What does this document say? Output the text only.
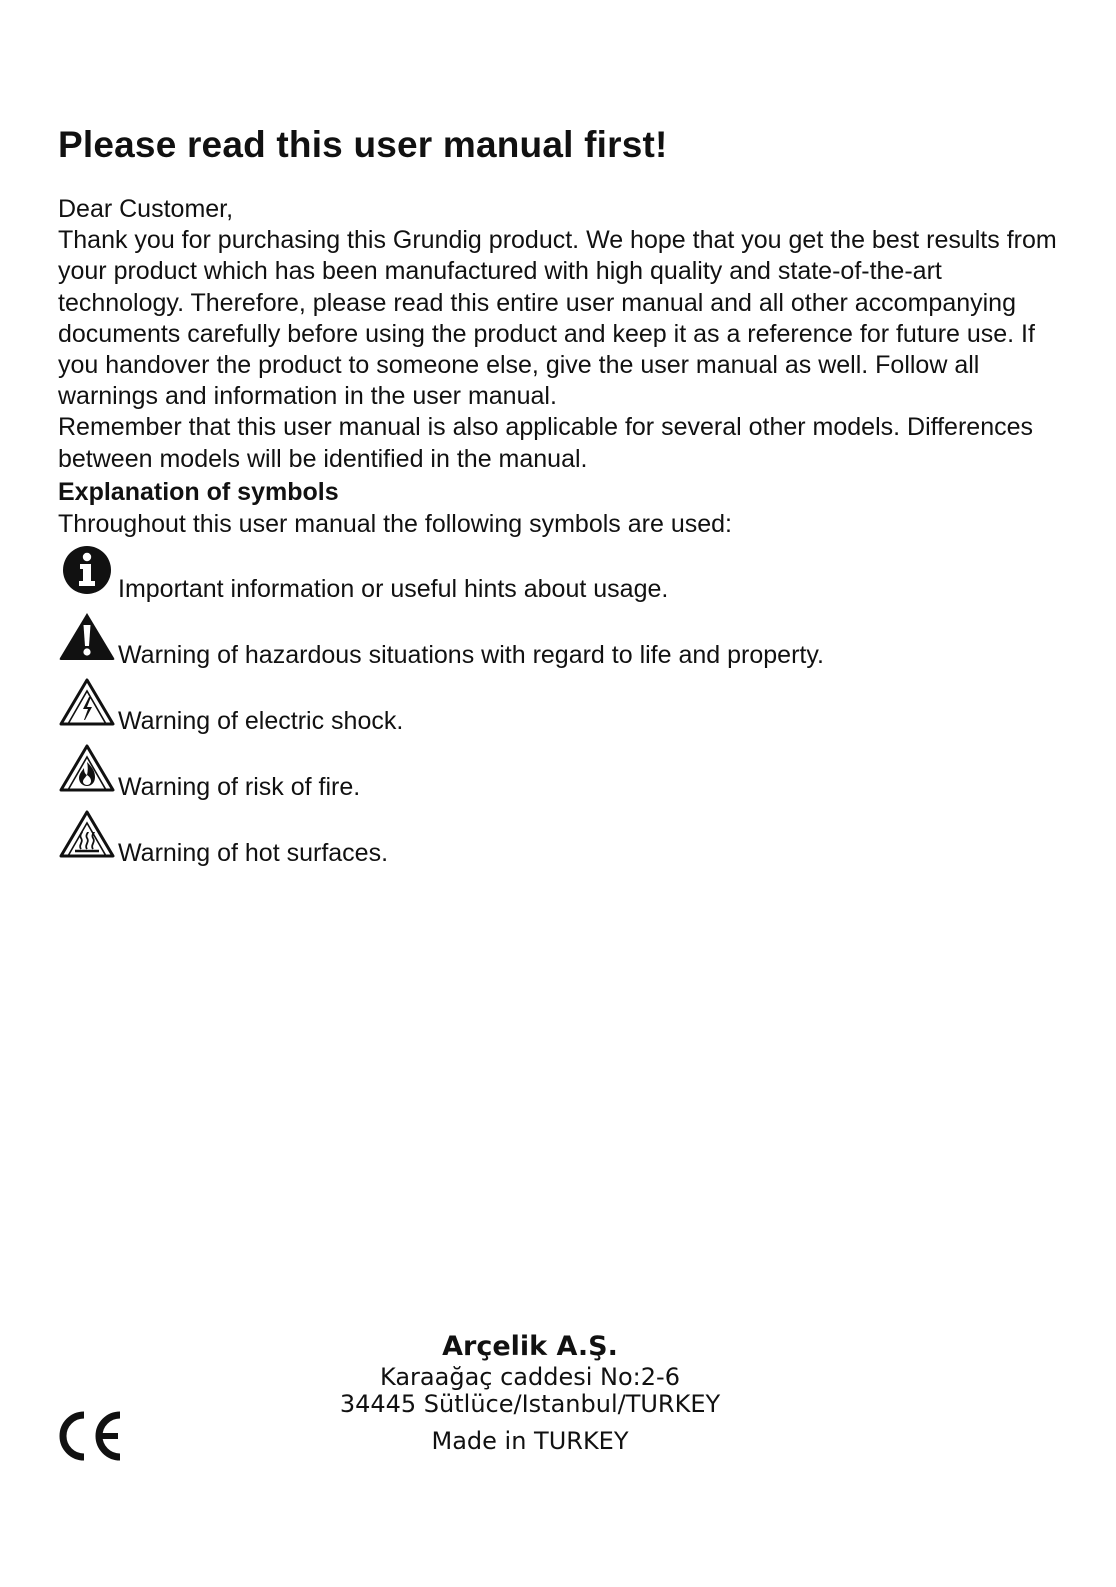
Please read this user manual first!

Dear Customer,

Thank you for purchasing this Grundig product. We hope that you get the best results from your product which has been manufactured with high quality and state-of-the-art technology. Therefore, please read this entire user manual and all other accompanying documents carefully before using the product and keep it as a reference for future use. If you handover the product to someone else, give the user manual as well. Follow all warnings and information in the user manual.

Remember that this user manual is also applicable for several other models. Differences between models will be identified in the manual.

Explanation of symbols

Throughout this user manual the following symbols are used:

Important information or useful hints about usage.
Warning of hazardous situations with regard to life and property.
Warning of electric shock.
Warning of risk of fire.
Warning of hot surfaces.
Arçelik A.Ş.
Karaağaç caddesi No:2-6
34445 Sütlüce/Istanbul/TURKEY
Made in TURKEY
